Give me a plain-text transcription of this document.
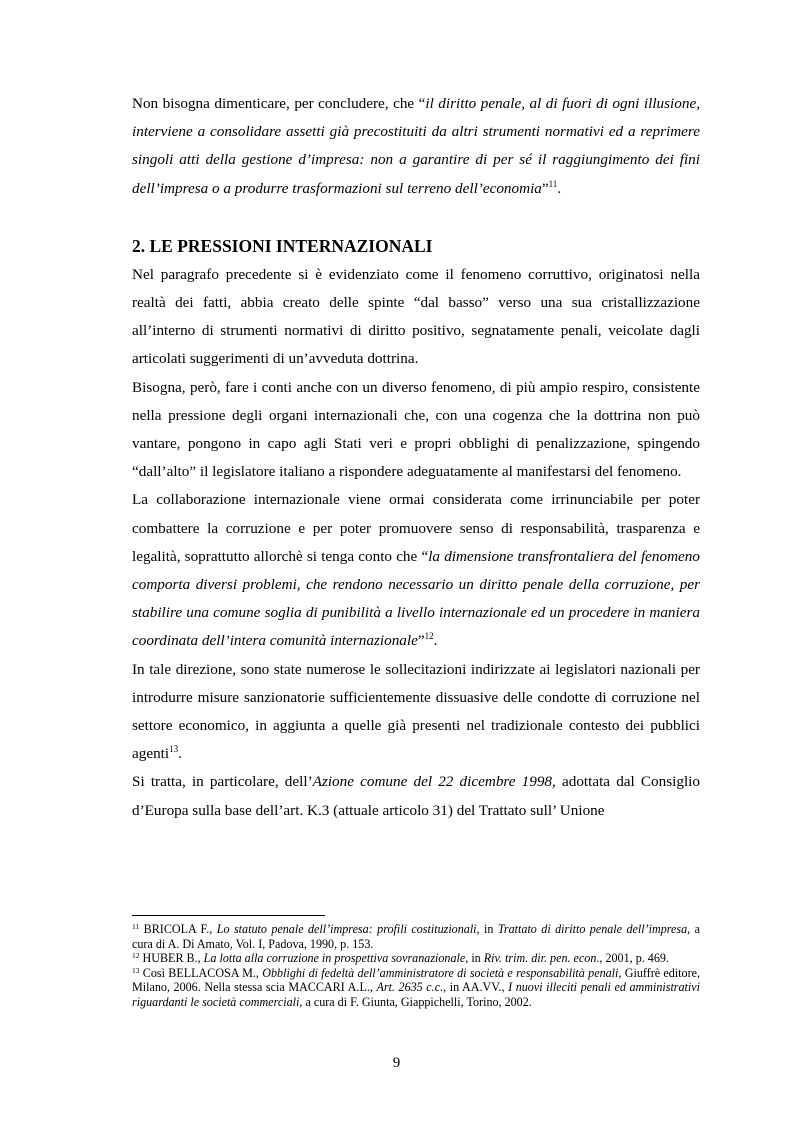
Non bisogna dimenticare, per concludere, che “il diritto penale, al di fuori di ogni illusione, interviene a consolidare assetti già precostituiti da altri strumenti normativi ed a reprimere singoli atti della gestione d’impresa: non a garantire di per sé il raggiungimento dei fini dell’impresa o a produrre trasformazioni sul terreno dell’economia”$^{11}$.

2. LE PRESSIONI INTERNAZIONALI

Nel paragrafo precedente si è evidenziato come il fenomeno corruttivo, originatosi nella realtà dei fatti, abbia creato delle spinte “dal basso” verso una sua cristallizzazione all’interno di strumenti normativi di diritto positivo, segnatamente penali, veicolate dagli articolati suggerimenti di un’avveduta dottrina.

Bisogna, però, fare i conti anche con un diverso fenomeno, di più ampio respiro, consistente nella pressione degli organi internazionali che, con una cogenza che la dottrina non può vantare, pongono in capo agli Stati veri e propri obblighi di penalizzazione, spingendo “dall’alto” il legislatore italiano a rispondere adeguatamente al manifestarsi del fenomeno.

La collaborazione internazionale viene ormai considerata come irrinunciabile per poter combattere la corruzione e per poter promuovere senso di responsabilità, trasparenza e legalità, soprattutto allorchè si tenga conto che “la dimensione transfrontaliera del fenomeno comporta diversi problemi, che rendono necessario un diritto penale della corruzione, per stabilire una comune soglia di punibilità a livello internazionale ed un procedere in maniera coordinata dell’intera comunità internazionale”$^{12}$.

In tale direzione, sono state numerose le sollecitazioni indirizzate ai legislatori nazionali per introdurre misure sanzionatorie sufficientemente dissuasive delle condotte di corruzione nel settore economico, in aggiunta a quelle già presenti nel tradizionale contesto dei pubblici agenti$^{13}$.

Si tratta, in particolare, dell’Azione comune del 22 dicembre 1998, adottata dal Consiglio d’Europa sulla base dell’art. K.3 (attuale articolo 31) del Trattato sull’ Unione

$^{11}$ BRICOLA F., Lo statuto penale dell’impresa: profili costituzionali, in Trattato di diritto penale dell’impresa, a cura di A. Di Amato, Vol. I, Padova, 1990, p. 153.

$^{12}$ HUBER B., La lotta alla corruzione in prospettiva sovranazionale, in Riv. trim. dir. pen. econ., 2001, p. 469.

$^{13}$ Così BELLACOSA M., Obblighi di fedeltà dell’amministratore di società e responsabilità penali, Giuffrè editore, Milano, 2006. Nella stessa scia MACCARI A.L., Art. 2635 c.c., in AA.VV., I nuovi illeciti penali ed amministrativi riguardanti le società commerciali, a cura di F. Giunta, Giappichelli, Torino, 2002.

9
